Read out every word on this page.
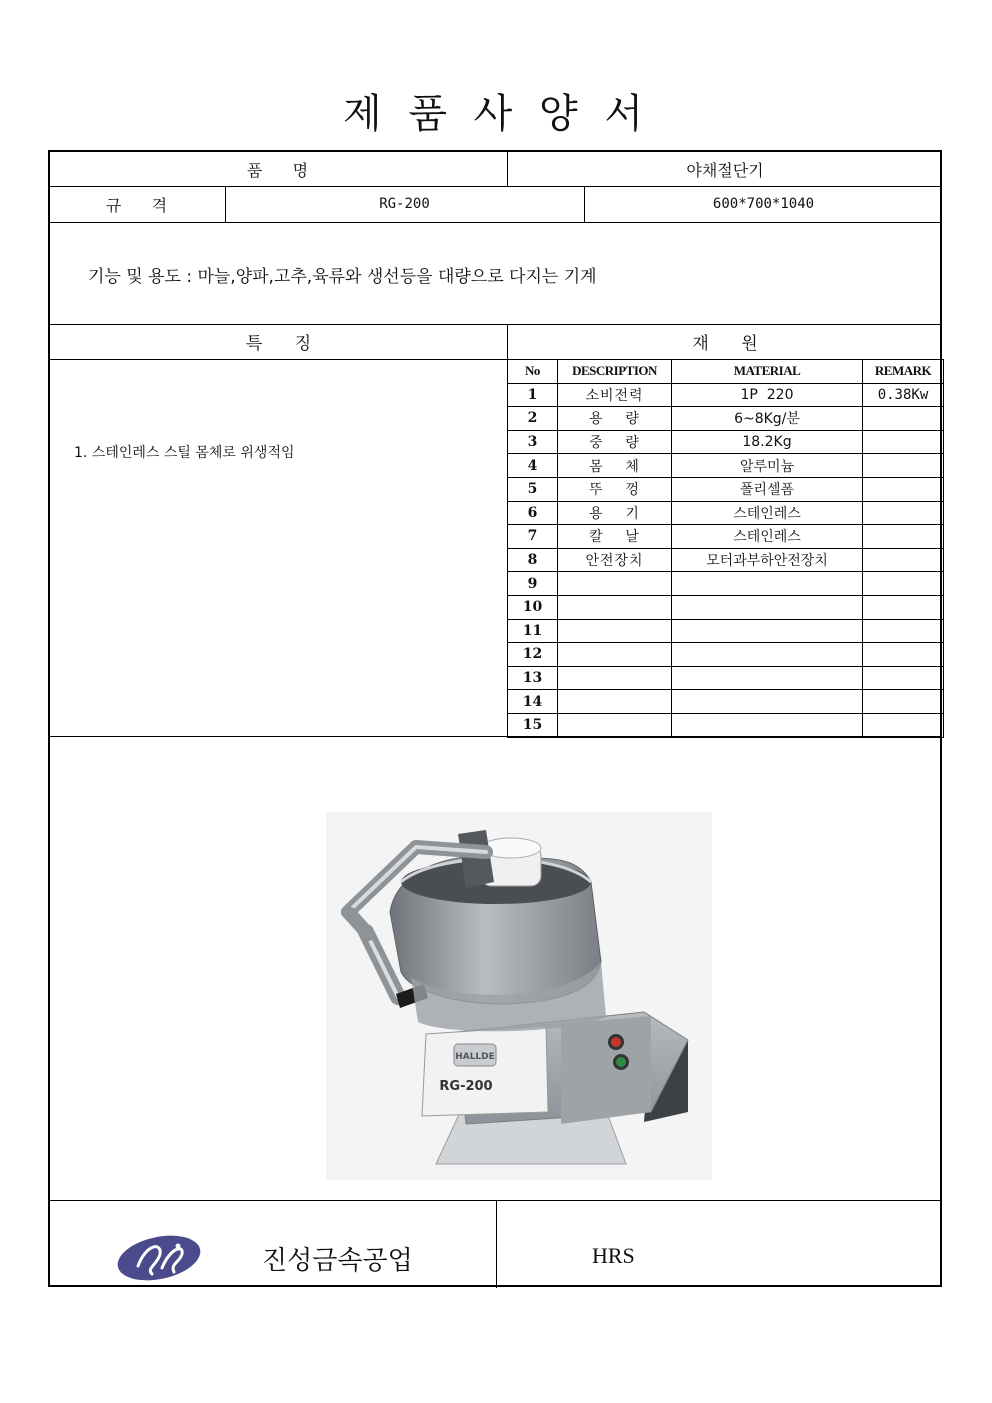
제 품 사 양 서
품    명	야채절단기
규    격	RG-200	600*700*1040
기능 및 용도 : 마늘,양파,고추,육류와 생선등을 대량으로 다지는 기계
특      징	재      원
1. 스테인레스 스틸 몸체로 위생적임
No	DESCRIPTION	MATERIAL	REMARK
1	소비전력	1P  220	0.38Kw
2	용    량	6~8Kg/분	
3	중    량	18.2Kg	
4	몸    체	알루미늄	
5	뚜    껑	폴리셀폼	
6	용    기	스테인레스	
7	칼    날	스테인레스	
8	안전장치	모터과부하안전장치	
9			
10			
11			
12			
13			
14			
15			
HALLDE
RG-200
진성금속공업	HRS
